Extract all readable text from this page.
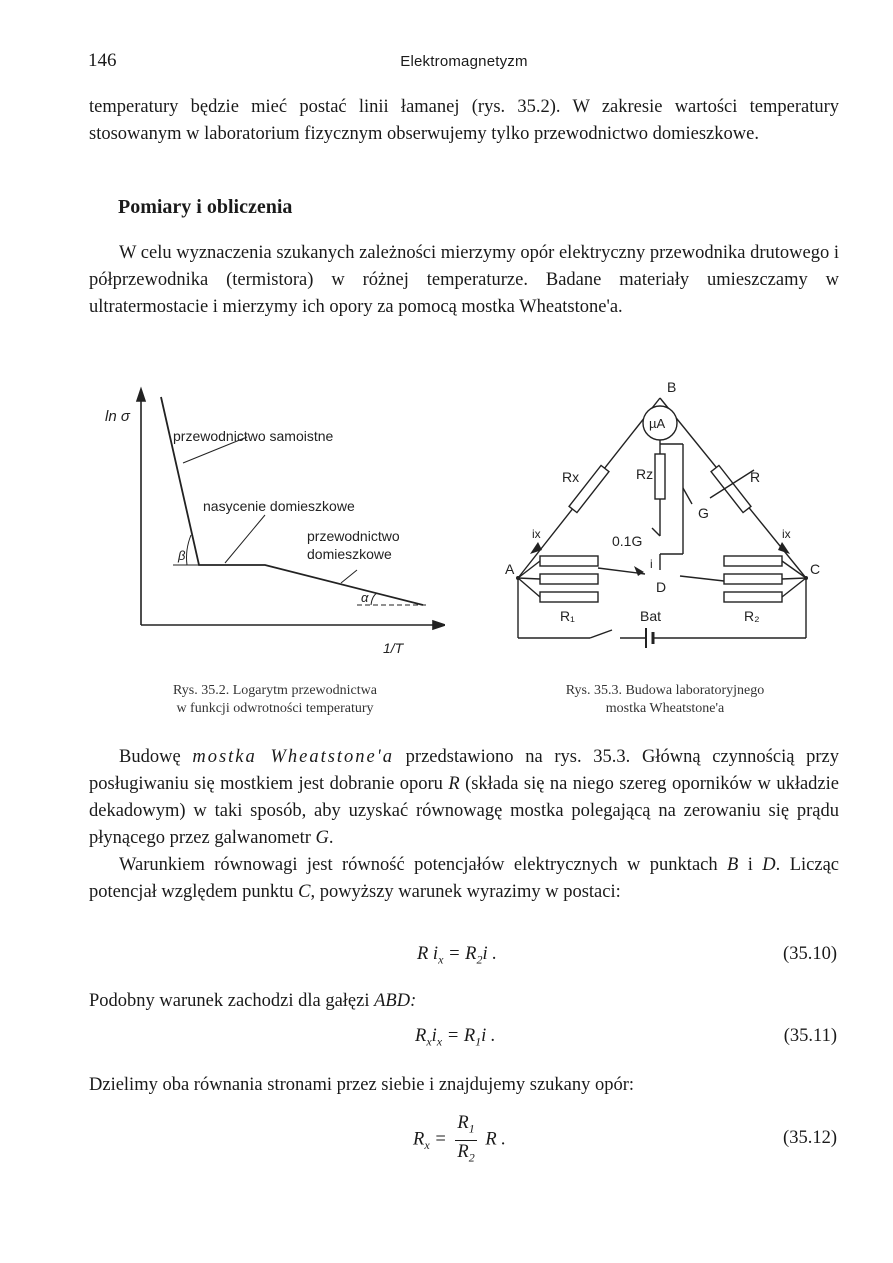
146	Elektromagnetyzm

temperatury będzie mieć postać linii łamanej (rys. 35.2). W zakresie wartości temperatury stosowanym w laboratorium fizycznym obserwujemy tylko przewodnictwo domieszkowe.

Pomiary i obliczenia

W celu wyznaczenia szukanych zależności mierzymy opór elektryczny przewodnika drutowego i półprzewodnika (termistora) w różnej temperaturze. Badane materiały umieszczamy w ultratermostacie i mierzymy ich opory za pomocą mostka Wheatstone'a.

ln σ
1/T
przewodnictwo samoistne
nasycenie domieszkowe
przewodnictwo
domieszkowe
β
α
Rys. 35.2. Logarytm przewodnictwa
w funkcji odwrotności temperatury
B
A	C
D
µA
Rx	Rz	R
G
0.1G
ix	ix
i
R₁	R₂
Bat
Rys. 35.3. Budowa laboratoryjnego
mostka Wheatstone'a

Budowę mostka Wheatstone'a przedstawiono na rys. 35.3. Główną czynnością przy posługiwaniu się mostkiem jest dobranie oporu R (składa się na niego szereg oporników w układzie dekadowym) w taki sposób, aby uzyskać równowagę mostka polegającą na zerowaniu się prądu płynącego przez galwanometr G.

Warunkiem równowagi jest równość potencjałów elektrycznych w punktach B i D. Licząc potencjał względem punktu C, powyższy warunek wyrazimy w postaci:

R $i_x = R_2i$ .	(35.10)

Podobny warunek zachodzi dla gałęzi ABD:

$R_xi_x = R_1i$ .	(35.11)

Dzielimy oba równania stronami przez siebie i znajdujemy szukany opór:

$R_x = \frac{R_1}{R_2}$ R .	(35.12)
